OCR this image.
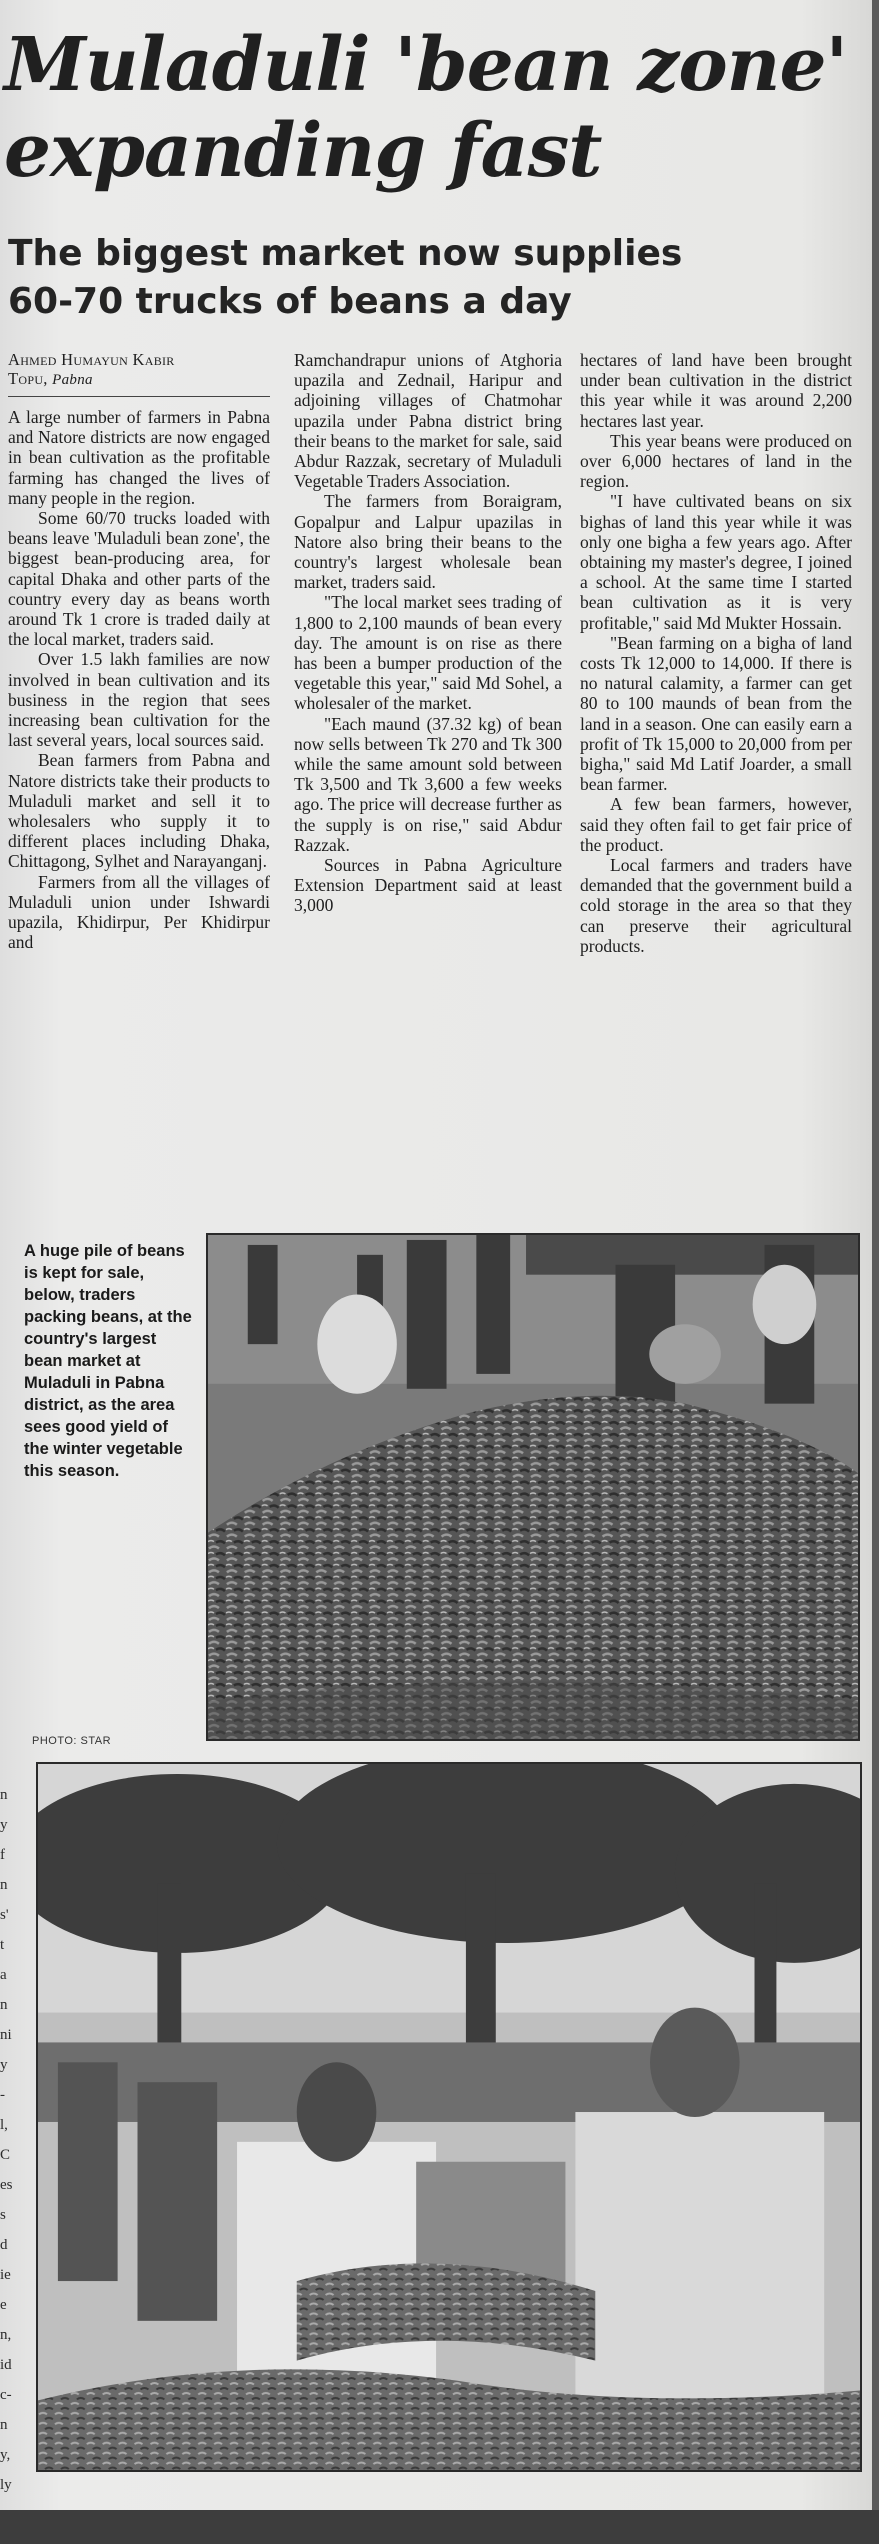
Muladuli 'bean zone'
expanding fast
The biggest market now supplies
60-70 trucks of beans a day
Ahmed Humayun Kabir
Topu, Pabna

A large number of farmers in Pabna and Natore districts are now engaged in bean cultivation as the profitable farming has changed the lives of many people in the region.

Some 60/70 trucks loaded with beans leave 'Muladuli bean zone', the biggest bean-producing area, for capital Dhaka and other parts of the country every day as beans worth around Tk 1 crore is traded daily at the local market, traders said.

Over 1.5 lakh families are now involved in bean cultivation and its business in the region that sees increasing bean cultivation for the last several years, local sources said.

Bean farmers from Pabna and Natore districts take their products to Muladuli market and sell it to wholesalers who supply it to different places including Dhaka, Chittagong, Sylhet and Narayanganj.

Farmers from all the villages of Muladuli union under Ishwardi upazila, Khidirpur, Per Khidirpur and

Ramchandrapur unions of Atghoria upazila and Zednail, Haripur and adjoining villages of Chatmohar upazila under Pabna district bring their beans to the market for sale, said Abdur Razzak, secretary of Muladuli Vegetable Traders Association.

The farmers from Boraigram, Gopalpur and Lalpur upazilas in Natore also bring their beans to the country's largest wholesale bean market, traders said.

"The local market sees trading of 1,800 to 2,100 maunds of bean every day. The amount is on rise as there has been a bumper production of the vegetable this year," said Md Sohel, a wholesaler of the market.

"Each maund (37.32 kg) of bean now sells between Tk 270 and Tk 300 while the same amount sold between Tk 3,500 and Tk 3,600 a few weeks ago. The price will decrease further as the supply is on rise," said Abdur Razzak.

Sources in Pabna Agriculture Extension Department said at least 3,000

hectares of land have been brought under bean cultivation in the district this year while it was around 2,200 hectares last year.

This year beans were produced on over 6,000 hectares of land in the region.

"I have cultivated beans on six bighas of land this year while it was only one bigha a few years ago. After obtaining my master's degree, I joined a school. At the same time I started bean cultivation as it is very profitable," said Md Mukter Hossain.

"Bean farming on a bigha of land costs Tk 12,000 to 14,000. If there is no natural calamity, a farmer can get 80 to 100 maunds of bean from the land in a season. One can easily earn a profit of Tk 15,000 to 20,000 from per bigha," said Md Latif Joarder, a small bean farmer.

A few bean farmers, however, said they often fail to get fair price of the product.

Local farmers and traders have demanded that the government build a cold storage in the area so that they can preserve their agricultural products.

A huge pile of beans is kept for sale, below, traders packing beans, at the country's largest bean market at Muladuli in Pabna district, as the area sees good yield of the winter vegetable this season.
PHOTO: STAR
n
y
f
n
s'
t
a
n
ni
y
-
l,
C
es
s
d
ie
e
n,
id
c-
n
y,
ly
